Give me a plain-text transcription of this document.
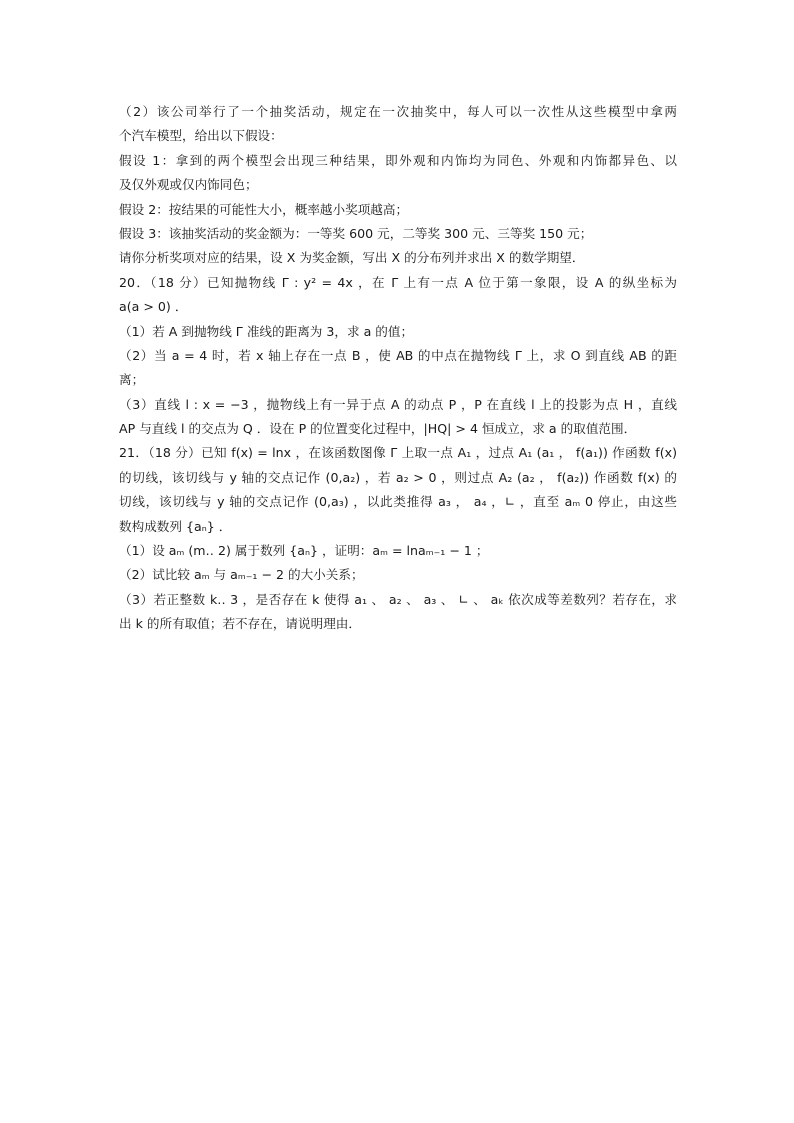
（2）该公司举行了一个抽奖活动，规定在一次抽奖中，每人可以一次性从这些模型中拿两
个汽车模型，给出以下假设：
假设 1：拿到的两个模型会出现三种结果，即外观和内饰均为同色、外观和内饰都异色、以
及仅外观或仅内饰同色；
假设 2：按结果的可能性大小，概率越小奖项越高；
假设 3：该抽奖活动的奖金额为：一等奖 600 元，二等奖 300 元、三等奖 150 元；
请你分析奖项对应的结果，设 X 为奖金额，写出 X 的分布列并求出 X 的数学期望．
20．（18 分）已知抛物线 Γ : y² = 4x ，在 Γ 上有一点 A 位于第一象限，设 A 的纵坐标为
a(a > 0) ．
（1）若 A 到抛物线 Γ 准线的距离为 3，求 a 的值；
（2）当 a = 4 时，若 x 轴上存在一点 B ，使 AB 的中点在抛物线 Γ 上，求 O 到直线 AB 的距
离；
（3）直线 l : x = −3 ，抛物线上有一异于点 A 的动点 P ，P 在直线 l 上的投影为点 H ，直线
AP 与直线 l 的交点为 Q ．设在 P 的位置变化过程中，|HQ| > 4 恒成立，求 a 的取值范围．
21．（18 分）已知 f(x) = lnx ，在该函数图像 Γ 上取一点 A₁ ，过点 A₁ (a₁ ， f(a₁)) 作函数 f(x)
的切线，该切线与 y 轴的交点记作 (0,a₂) ，若 a₂ > 0 ，则过点 A₂ (a₂ ， f(a₂)) 作函数 f(x) 的
切线，该切线与 y 轴的交点记作 (0,a₃) ，以此类推得 a₃ ， a₄ ，∟ ，直至 aₘ 0 停止，由这些
数构成数列 {aₙ} ．
（1）设 aₘ (m‥ 2) 属于数列 {aₙ} ，证明：aₘ = lnaₘ₋₁ − 1 ；
（2）试比较 aₘ 与 aₘ₋₁ − 2 的大小关系；
（3）若正整数 k‥ 3 ，是否存在 k 使得 a₁ 、 a₂ 、 a₃ 、 ∟ 、 aₖ 依次成等差数列？若存在，求
出 k 的所有取值；若不存在，请说明理由．
